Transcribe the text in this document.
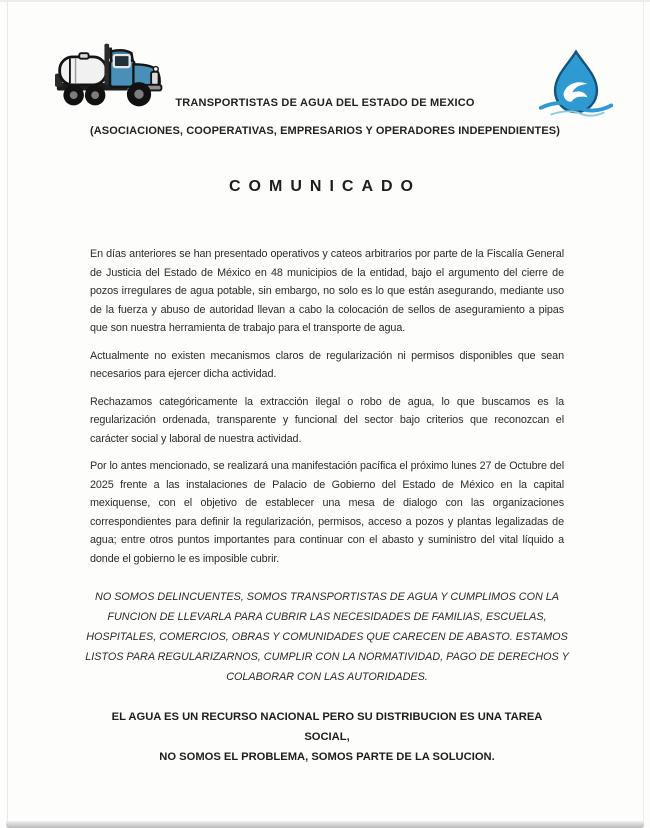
TRANSPORTISTAS DE AGUA DEL ESTADO DE MEXICO
(ASOCIACIONES, COOPERATIVAS, EMPRESARIOS Y OPERADORES INDEPENDIENTES)
COMUNICADO

En días anteriores se han presentado operativos y cateos arbitrarios por parte de la Fiscalía General de Justicia del Estado de México en 48 municipios de la entidad, bajo el argumento del cierre de pozos irregulares de agua potable, sin embargo, no solo es lo que están asegurando, mediante uso de la fuerza y abuso de autoridad llevan a cabo la colocación de sellos de aseguramiento a pipas que son nuestra herramienta de trabajo para el transporte de agua.

Actualmente no existen mecanismos claros de regularización ni permisos disponibles que sean necesarios para ejercer dicha actividad.

Rechazamos categóricamente la extracción ilegal o robo de agua, lo que buscamos es la regularización ordenada, transparente y funcional del sector bajo criterios que reconozcan el carácter social y laboral de nuestra actividad.

Por lo antes mencionado, se realizará una manifestación pacífica el próximo lunes 27 de Octubre del 2025 frente a las instalaciones de Palacio de Gobierno del Estado de México en la capital mexiquense, con el objetivo de establecer una mesa de dialogo con las organizaciones correspondientes para definir la regularización, permisos, acceso a pozos y plantas legalizadas de agua; entre otros puntos importantes para continuar con el abasto y suministro del vital líquido a donde el gobierno le es imposible cubrir.

NO SOMOS DELINCUENTES, SOMOS TRANSPORTISTAS DE AGUA Y CUMPLIMOS CON LA FUNCION DE LLEVARLA PARA CUBRIR LAS NECESIDADES DE FAMILIAS, ESCUELAS, HOSPITALES, COMERCIOS, OBRAS Y COMUNIDADES QUE CARECEN DE ABASTO. ESTAMOS LISTOS PARA REGULARIZARNOS, CUMPLIR CON LA NORMATIVIDAD, PAGO DE DERECHOS Y COLABORAR CON LAS AUTORIDADES.

EL AGUA ES UN RECURSO NACIONAL PERO SU DISTRIBUCION ES UNA TAREA SOCIAL,
NO SOMOS EL PROBLEMA, SOMOS PARTE DE LA SOLUCION.
